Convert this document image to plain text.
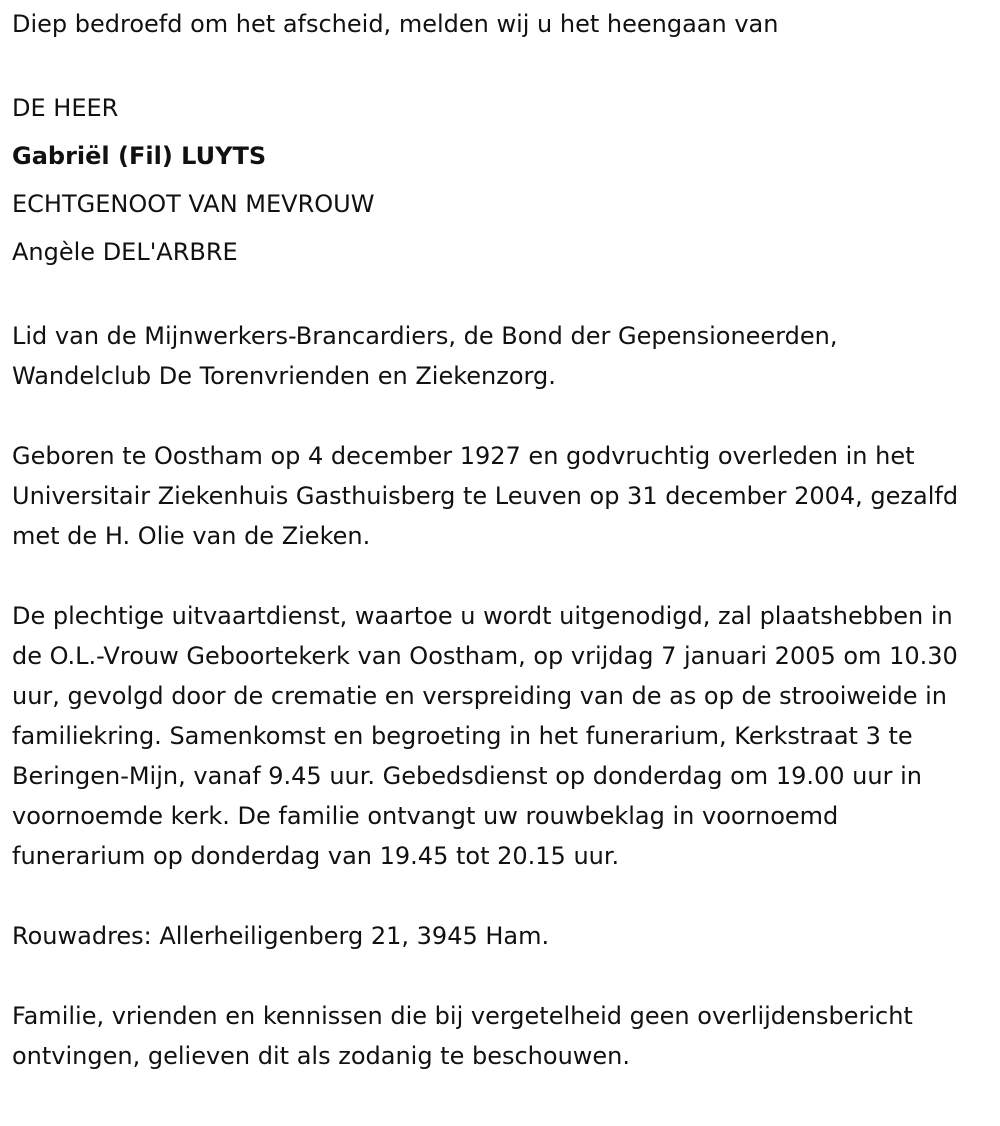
Diep bedroefd om het afscheid, melden wij u het heengaan van

DE HEER

Gabriël (Fil) LUYTS

ECHTGENOOT VAN MEVROUW

Angèle DEL'ARBRE

Lid van de Mijnwerkers-Brancardiers, de Bond der Gepensioneerden, Wandelclub De Torenvrienden en Ziekenzorg.

Geboren te Oostham op 4 december 1927 en godvruchtig overleden in het Universitair Ziekenhuis Gasthuisberg te Leuven op 31 december 2004, gezalfd met de H. Olie van de Zieken.

De plechtige uitvaartdienst, waartoe u wordt uitgenodigd, zal plaatshebben in de O.L.-Vrouw Geboortekerk van Oostham, op vrijdag 7 januari 2005 om 10.30 uur, gevolgd door de crematie en verspreiding van de as op de strooiweide in familiekring. Samenkomst en begroeting in het funerarium, Kerkstraat 3 te Beringen-Mijn, vanaf 9.45 uur. Gebedsdienst op donderdag om 19.00 uur in voornoemde kerk. De familie ontvangt uw rouwbeklag in voornoemd funerarium op donderdag van 19.45 tot 20.15 uur.

Rouwadres: Allerheiligenberg 21, 3945 Ham.

Familie, vrienden en kennissen die bij vergetelheid geen overlijdensbericht ontvingen, gelieven dit als zodanig te beschouwen.
